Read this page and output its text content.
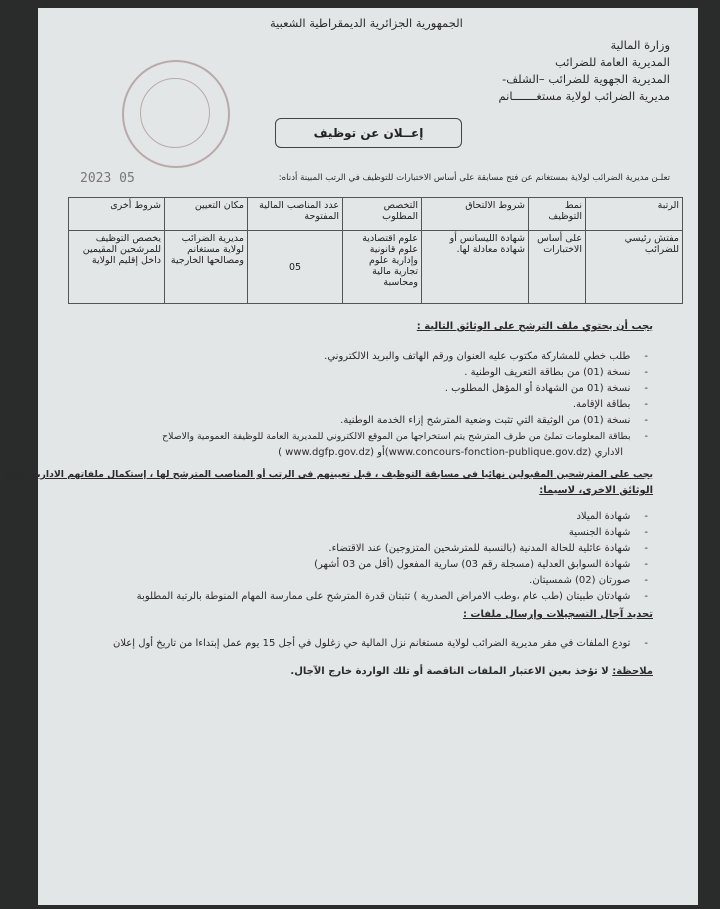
الجمهورية الجزائرية الديمقراطية الشعبية
وزارة المالية
المديرية العامة للضرائب
المديرية الجهوية للضرائب –الشلف-
مديرية الضرائب لولاية مستغـــــــانم
2023 05
إعــلان عن توظيف
تعلـن مديرية الضرائب لولاية بمستغانم عن فتح مسابقة على أساس الاختبارات للتوظيف في الرتب المبينة أدناه:
الرتبة	نمط التوظيف	شروط الالتحاق	التخصص المطلوب	عدد المناصب المالية المفتوحة	مكان التعيين	شروط أخرى
مفتش رئيسي للضرائب	على أساس الاختبارات	شهادة الليسانس أو شهادة معادلة لها.	علوم اقتصادية علوم قانونية وإدارية علوم تجارية مالية ومحاسبة	05	مديرية الضرائب لولاية مستغانم ومصالحها الخارجية	يخصص التوظيف للمرشحين المقيمين داخل إقليم الولاية
يجب أن يحتوي ملف الترشح على الوثائق التالية :
- طلب خطي للمشاركة مكتوب عليه العنوان ورقم الهاتف والبريد الالكتروني.
- نسخة (01) من بطاقة التعريف الوطنية .
- نسخة (01 من الشهادة أو المؤهل المطلوب .
- بطاقة الإقامة.
- نسخة (01) من الوثيقة التي تثبت وضعية المترشح إزاء الخدمة الوطنية.
- بطاقة المعلومات تملئ من طرف المترشح يتم استخراجها من الموقع الالكتروني للمديرية العامة للوظيفة العمومية والاصلاح
الاداري (www.concours-fonction-publique.gov.dz)أو (www.dgfp.gov.dz )
يجب على المترشحين المقبولين نهائيا في مسابقة التوظيف ، قبل تعيينهم في الرتب أو المناصب المترشح لها ، إستكمال ملفاتهم الادارية بكافة
الوثائق الاخرى، لاسيما:
- شهادة الميلاد
- شهادة الجنسية
- شهادة عائلية للحالة المدنية (بالنسبة للمترشحين المتزوجين) عند الاقتضاء.
- شهادة السوابق العدلية (مسجلة رقم 03) سارية المفعول (أقل من 03 أشهر)
- صورتان (02) شمسيتان.
- شهادتان طبيتان (طب عام ،وطب الامراض الصدرية ) تثبتان قدرة المترشح على ممارسة المهام المنوطة بالرتبة المطلوبة
تحديد آجال التسجيلات وإرسال ملفات :
- تودع الملفات في مقر مديرية الضرائب لولاية مستغانم نزل المالية حي زغلول في أجل 15 يوم عمل إبتداءا من تاريخ أول إعلان
ملاحظة: لا تؤخذ بعين الاعتبار الملفات الناقصة أو تلك الواردة خارج الآجال.
